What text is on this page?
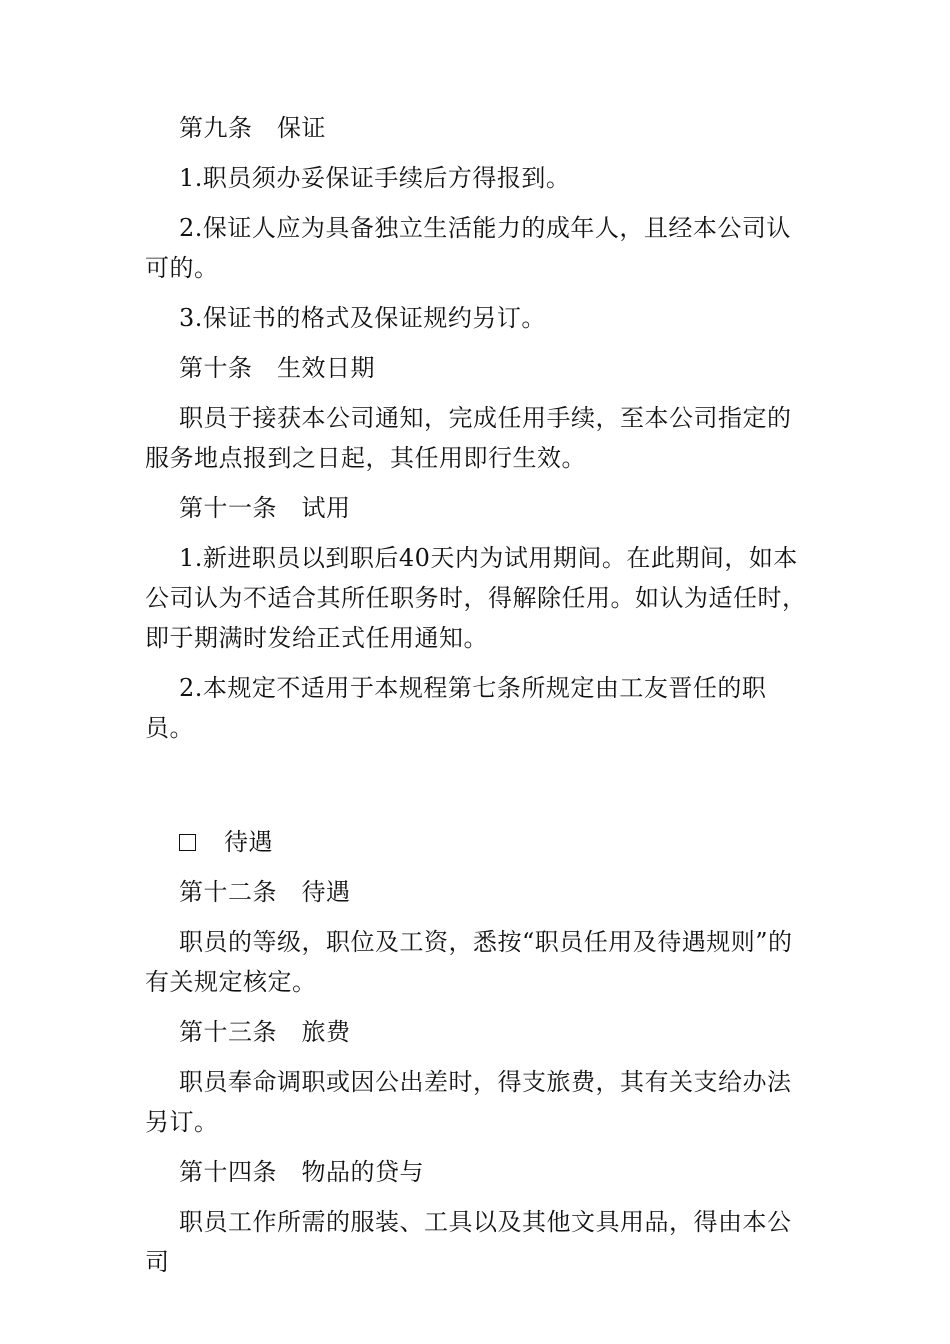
第九条　保证
1.职员须办妥保证手续后方得报到。
2.保证人应为具备独立生活能力的成年人，且经本公司认可的。
3.保证书的格式及保证规约另订。
第十条　生效日期
职员于接获本公司通知，完成任用手续，至本公司指定的服务地点报到之日起，其任用即行生效。
第十一条　试用
1.新进职员以到职后40天内为试用期间。在此期间，如本公司认为不适合其所任职务时，得解除任用。如认为适任时，即于期满时发给正式任用通知。
2.本规定不适用于本规程第七条所规定由工友晋任的职员。
待遇
第十二条　待遇
职员的等级，职位及工资，悉按“职员任用及待遇规则”的有关规定核定。
第十三条　旅费
职员奉命调职或因公出差时，得支旅费，其有关支给办法另订。
第十四条　物品的贷与
职员工作所需的服装、工具以及其他文具用品，得由本公司
